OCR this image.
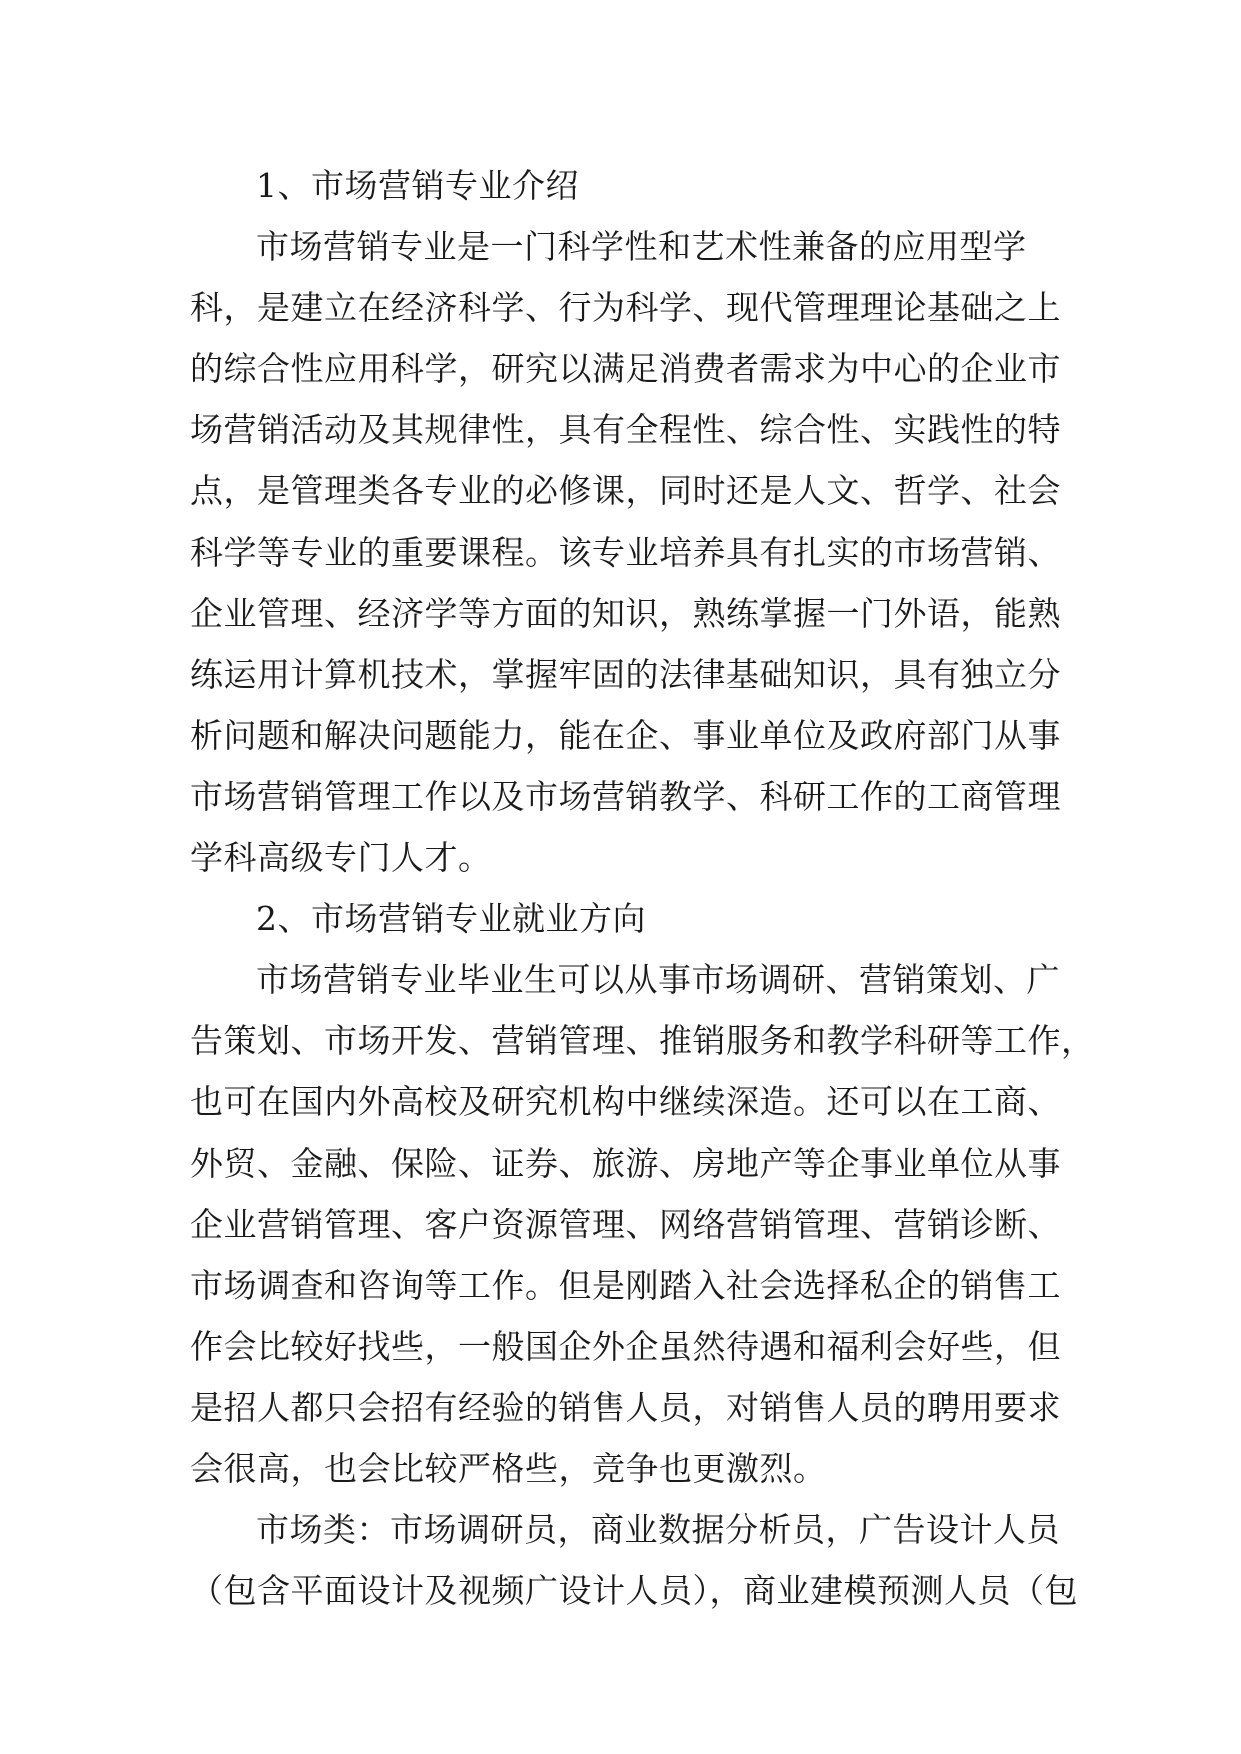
1、市场营销专业介绍
市场营销专业是一门科学性和艺术性兼备的应用型学
科，是建立在经济科学、行为科学、现代管理理论基础之上
的综合性应用科学，研究以满足消费者需求为中心的企业市
场营销活动及其规律性，具有全程性、综合性、实践性的特
点，是管理类各专业的必修课，同时还是人文、哲学、社会
科学等专业的重要课程。该专业培养具有扎实的市场营销、
企业管理、经济学等方面的知识，熟练掌握一门外语，能熟
练运用计算机技术，掌握牢固的法律基础知识，具有独立分
析问题和解决问题能力，能在企、事业单位及政府部门从事
市场营销管理工作以及市场营销教学、科研工作的工商管理
学科高级专门人才。
2、市场营销专业就业方向
市场营销专业毕业生可以从事市场调研、营销策划、广
告策划、市场开发、营销管理、推销服务和教学科研等工作，
也可在国内外高校及研究机构中继续深造。还可以在工商、
外贸、金融、保险、证券、旅游、房地产等企事业单位从事
企业营销管理、客户资源管理、网络营销管理、营销诊断、
市场调查和咨询等工作。但是刚踏入社会选择私企的销售工
作会比较好找些，一般国企外企虽然待遇和福利会好些，但
是招人都只会招有经验的销售人员，对销售人员的聘用要求
会很高，也会比较严格些，竞争也更激烈。
市场类：市场调研员，商业数据分析员，广告设计人员
（包含平面设计及视频广设计人员），商业建模预测人员（包
